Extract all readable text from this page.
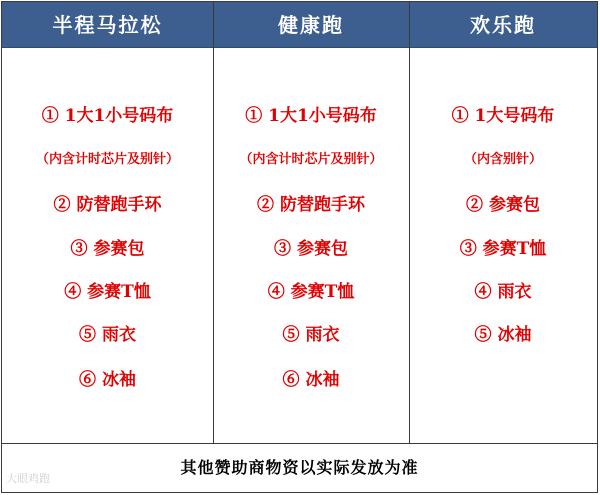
半程马拉松	健康跑	欢乐跑
① 1大1小号码布
（内含计时芯片及别针）
② 防替跑手环
③ 参赛包
④ 参赛T恤
⑤ 雨衣
⑥ 冰袖
① 1大1小号码布
（内含计时芯片及别针）
② 防替跑手环
③ 参赛包
④ 参赛T恤
⑤ 雨衣
⑥ 冰袖
① 1大号码布
（内含别针）
② 参赛包
③ 参赛T恤
④ 雨衣
⑤ 冰袖
其他赞助商物资以实际发放为准
大眼鸡跑
